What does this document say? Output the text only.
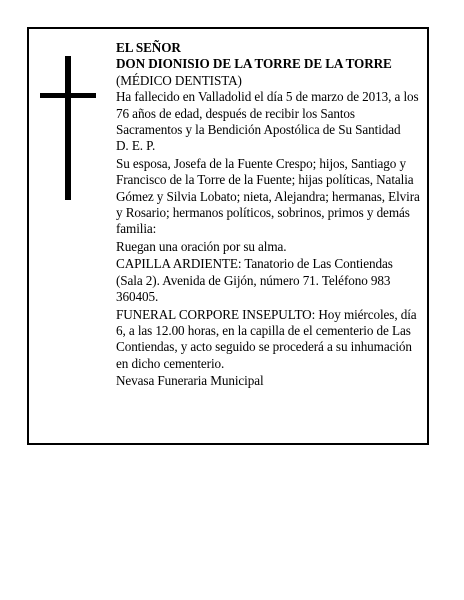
EL SEÑOR

DON DIONISIO DE LA TORRE DE LA TORRE

(MÉDICO DENTISTA)

Ha fallecido en Valladolid el día 5 de marzo de 2013, a los 76 años de edad, después de recibir los Santos Sacramentos y la Bendición Apostólica de Su Santidad

D. E. P.

Su esposa, Josefa de la Fuente Crespo; hijos, Santiago y Francisco de la Torre de la Fuente; hijas políticas, Natalia Gómez y Silvia Lobato; nieta, Alejandra; hermanas, Elvira y Rosario; hermanos políticos, sobrinos, primos y demás familia:

Ruegan una oración por su alma.

CAPILLA ARDIENTE: Tanatorio de Las Contiendas (Sala 2). Avenida de Gijón, número 71. Teléfono 983 360405.

FUNERAL CORPORE INSEPULTO: Hoy miércoles, día 6, a las 12.00 horas, en la capilla de el cementerio de Las Contiendas, y acto seguido se procederá a su inhumación en dicho cementerio.

Nevasa Funeraria Municipal
